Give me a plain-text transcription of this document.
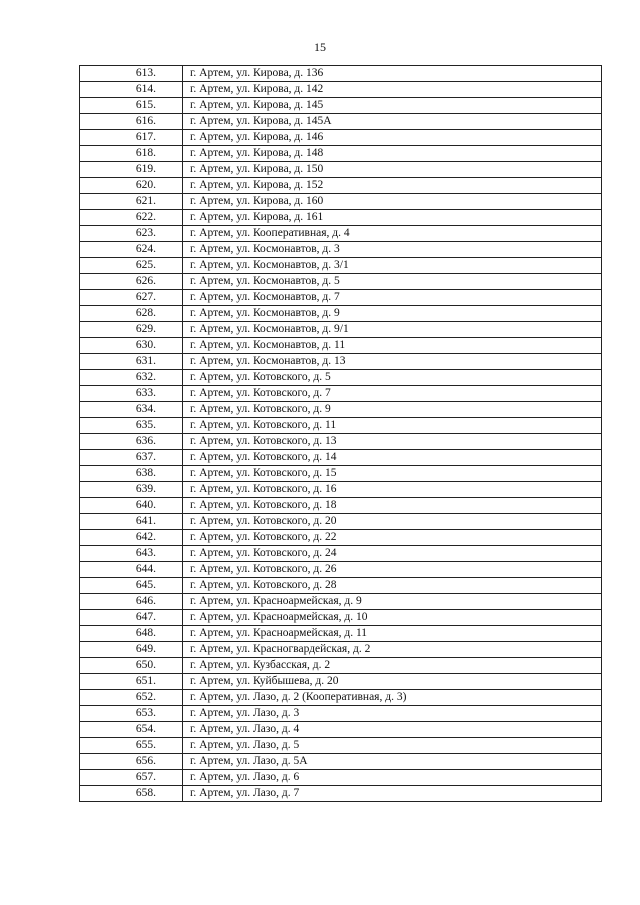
15
613.	г. Артем, ул. Кирова, д. 136
614.	г. Артем, ул. Кирова, д. 142
615.	г. Артем, ул. Кирова, д. 145
616.	г. Артем, ул. Кирова, д. 145А
617.	г. Артем, ул. Кирова, д. 146
618.	г. Артем, ул. Кирова, д. 148
619.	г. Артем, ул. Кирова, д. 150
620.	г. Артем, ул. Кирова, д. 152
621.	г. Артем, ул. Кирова, д. 160
622.	г. Артем, ул. Кирова, д. 161
623.	г. Артем, ул. Кооперативная, д. 4
624.	г. Артем, ул. Космонавтов, д. 3
625.	г. Артем, ул. Космонавтов, д. 3/1
626.	г. Артем, ул. Космонавтов, д. 5
627.	г. Артем, ул. Космонавтов, д. 7
628.	г. Артем, ул. Космонавтов, д. 9
629.	г. Артем, ул. Космонавтов, д. 9/1
630.	г. Артем, ул. Космонавтов, д. 11
631.	г. Артем, ул. Космонавтов, д. 13
632.	г. Артем, ул. Котовского, д. 5
633.	г. Артем, ул. Котовского, д. 7
634.	г. Артем, ул. Котовского, д. 9
635.	г. Артем, ул. Котовского, д. 11
636.	г. Артем, ул. Котовского, д. 13
637.	г. Артем, ул. Котовского, д. 14
638.	г. Артем, ул. Котовского, д. 15
639.	г. Артем, ул. Котовского, д. 16
640.	г. Артем, ул. Котовского, д. 18
641.	г. Артем, ул. Котовского, д. 20
642.	г. Артем, ул. Котовского, д. 22
643.	г. Артем, ул. Котовского, д. 24
644.	г. Артем, ул. Котовского, д. 26
645.	г. Артем, ул. Котовского, д. 28
646.	г. Артем, ул. Красноармейская, д. 9
647.	г. Артем, ул. Красноармейская, д. 10
648.	г. Артем, ул. Красноармейская, д. 11
649.	г. Артем, ул. Красногвардейская, д. 2
650.	г. Артем, ул. Кузбасская, д. 2
651.	г. Артем, ул. Куйбышева, д. 20
652.	г. Артем, ул. Лазо, д. 2 (Кооперативная, д. 3)
653.	г. Артем, ул. Лазо, д. 3
654.	г. Артем, ул. Лазо, д. 4
655.	г. Артем, ул. Лазо, д. 5
656.	г. Артем, ул. Лазо, д. 5А
657.	г. Артем, ул. Лазо, д. 6
658.	г. Артем, ул. Лазо, д. 7
